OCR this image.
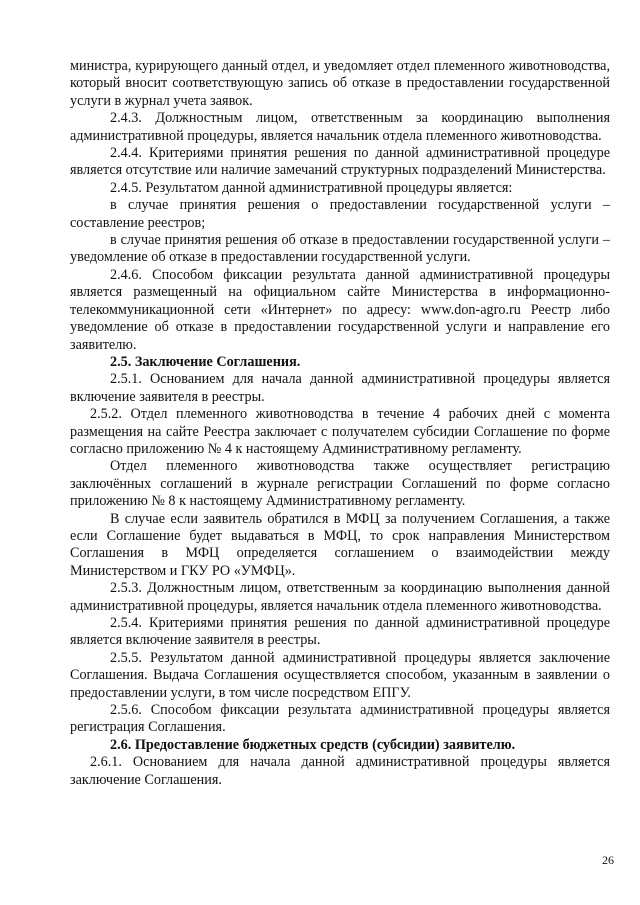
министра, курирующего данный отдел, и уведомляет отдел племенного животноводства, который вносит соответствующую запись об отказе в предоставлении государственной услуги в журнал учета заявок.

2.4.3. Должностным лицом, ответственным за координацию выполнения административной процедуры, является начальник отдела племенного животноводства.

2.4.4. Критериями принятия решения по данной административной процедуре является отсутствие или наличие замечаний структурных подразделений Министерства.

2.4.5. Результатом данной административной процедуры является:

в случае принятия решения о предоставлении государственной услуги – составление реестров;

в случае принятия решения об отказе в предоставлении государственной услуги – уведомление об отказе в предоставлении государственной услуги.

2.4.6. Способом фиксации результата данной административной процедуры является размещенный на официальном сайте Министерства в информационно-телекоммуникационной сети «Интернет» по адресу: www.don-agro.ru Реестр либо уведомление об отказе в предоставлении государственной услуги и направление его заявителю.

2.5. Заключение Соглашения.

2.5.1. Основанием для начала данной административной процедуры является включение заявителя в реестры.

2.5.2. Отдел племенного животноводства в течение 4 рабочих дней с момента размещения на сайте Реестра заключает с получателем субсидии Соглашение по форме согласно приложению № 4 к настоящему Административному регламенту.

Отдел племенного животноводства также осуществляет регистрацию заключённых соглашений в журнале регистрации Соглашений по форме согласно приложению № 8 к настоящему Административному регламенту.

В случае если заявитель обратился в МФЦ за получением Соглашения, а также если Соглашение будет выдаваться в МФЦ, то срок направления Министерством Соглашения в МФЦ определяется соглашением о взаимодействии между Министерством и ГКУ РО «УМФЦ».

2.5.3. Должностным лицом, ответственным за координацию выполнения данной административной процедуры, является начальник отдела племенного животноводства.

2.5.4. Критериями принятия решения по данной административной процедуре является включение заявителя в реестры.

2.5.5. Результатом данной административной процедуры является заключение Соглашения. Выдача Соглашения осуществляется способом, указанным в заявлении о предоставлении услуги, в том числе посредством ЕПГУ.

2.5.6. Способом фиксации результата административной процедуры является регистрация Соглашения.

2.6. Предоставление бюджетных средств (субсидии) заявителю.

2.6.1. Основанием для начала данной административной процедуры является заключение Соглашения.

26
